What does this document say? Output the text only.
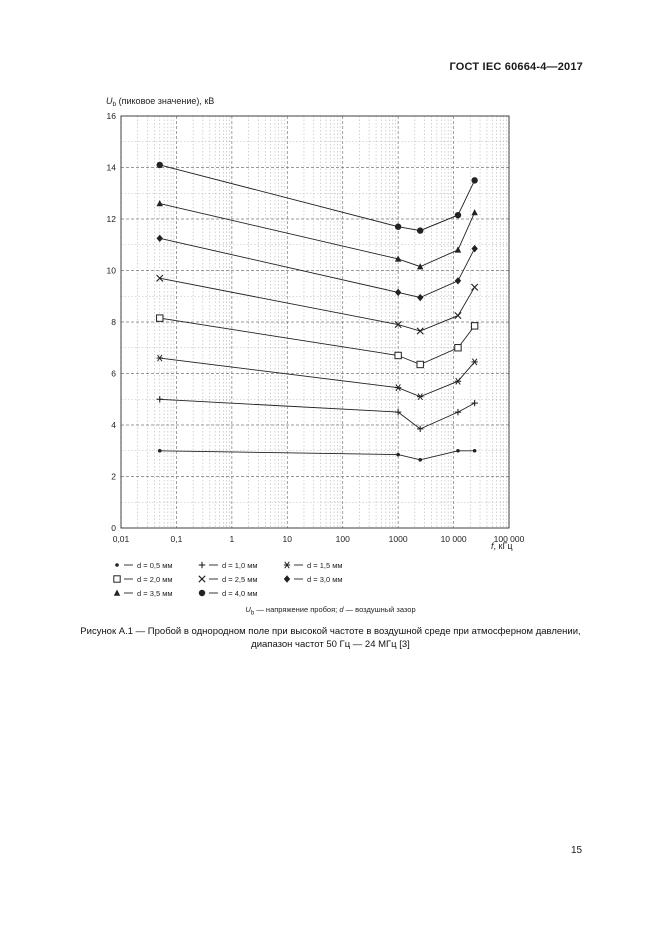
ГОСТ IEC 60664-4—2017
0
2
4
6
8
10
12
14
16
0,01	0,1	1	10	100	1000	10 000	100 000
$U_b$ (пиковое значение), кВ
f, кГц
d = 0,5 мм	d = 1,0 мм	d = 1,5 мм
d = 2,0 мм	d = 2,5 мм	d = 3,0 мм
d = 3,5 мм	d = 4,0 мм
$U_b$ — напряжение пробоя; d — воздушный зазор
Рисунок А.1 — Пробой в однородном поле при высокой частоте в воздушной среде при атмосферном давлении,
диапазон частот 50 Гц — 24 МГц [3]
15
